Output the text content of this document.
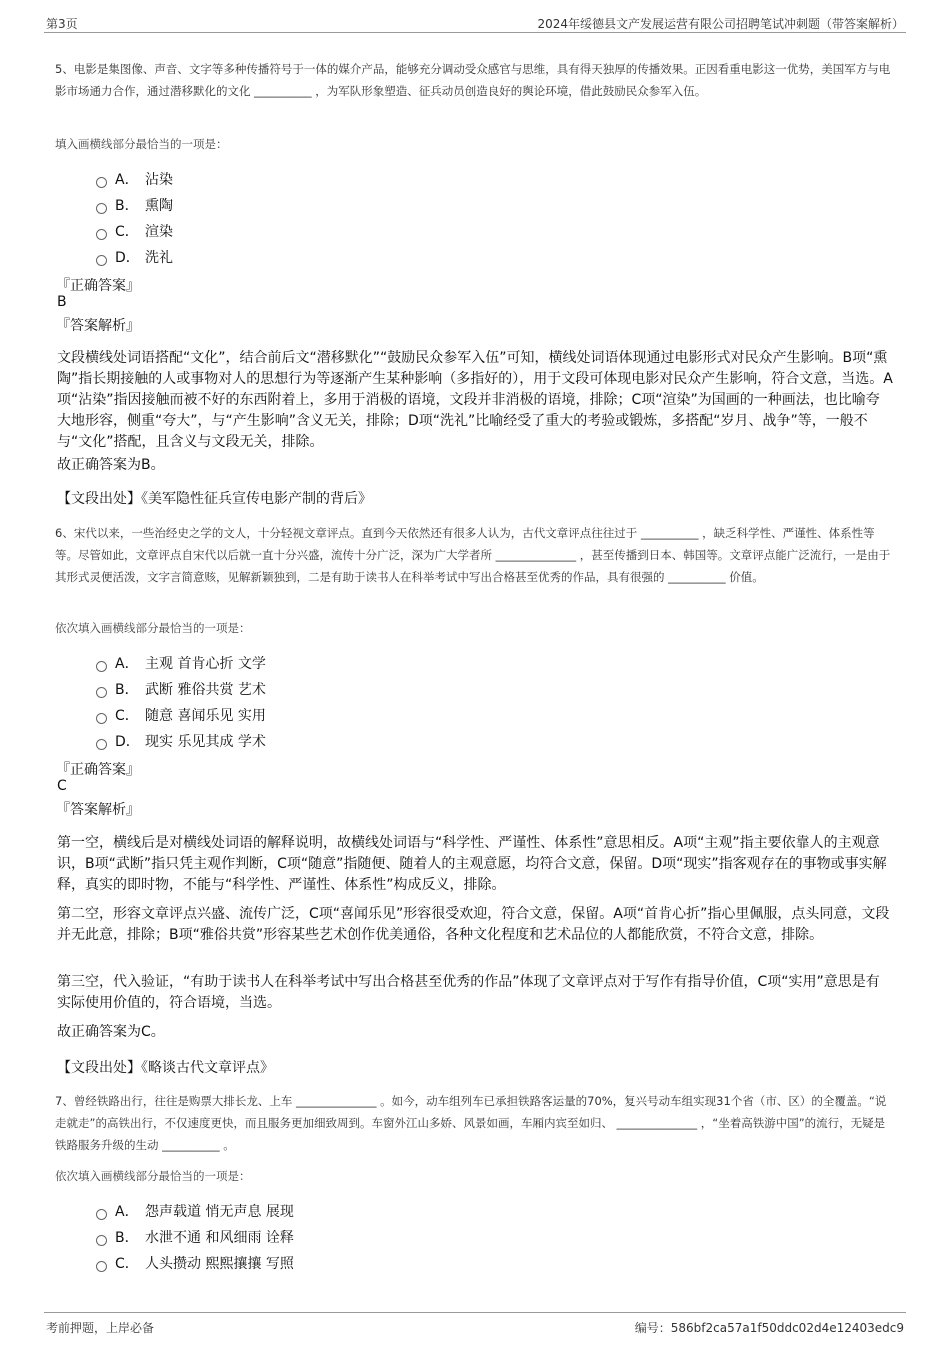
第3页	2024年绥德县文产发展运营有限公司招聘笔试冲刺题（带答案解析）
5、电影是集图像、声音、文字等多种传播符号于一体的媒介产品，能够充分调动受众感官与思维，具有得天独厚的传播效果。正因看重电影这一优势，美国军方与电影市场通力合作，通过潜移默化的文化 __________ ，为军队形象塑造、征兵动员创造良好的舆论环境，借此鼓励民众参军入伍。
填入画横线部分最恰当的一项是：
A． 沾染
B． 熏陶
C． 渲染
D． 洗礼
『正确答案』
B
『答案解析』
文段横线处词语搭配“文化”，结合前后文“潜移默化”“鼓励民众参军入伍”可知，横线处词语体现通过电影形式对民众产生影响。B项“熏陶”指长期接触的人或事物对人的思想行为等逐渐产生某种影响（多指好的），用于文段可体现电影对民众产生影响，符合文意，当选。A项“沾染”指因接触而被不好的东西附着上，多用于消极的语境，文段并非消极的语境，排除；C项“渲染”为国画的一种画法，也比喻夸大地形容，侧重“夸大”，与“产生影响”含义无关，排除；D项“洗礼”比喻经受了重大的考验或锻炼，多搭配“岁月、战争”等，一般不与“文化”搭配，且含义与文段无关，排除。
故正确答案为B。
【文段出处】《美军隐性征兵宣传电影产制的背后》
6、宋代以来，一些治经史之学的文人，十分轻视文章评点。直到今天依然还有很多人认为，古代文章评点往往过于 __________ ，缺乏科学性、严谨性、体系性等等。尽管如此，文章评点自宋代以后就一直十分兴盛，流传十分广泛，深为广大学者所 ______________ ，甚至传播到日本、韩国等。文章评点能广泛流行，一是由于其形式灵便活泼，文字言简意赅，见解新颖独到，二是有助于读书人在科举考试中写出合格甚至优秀的作品，具有很强的 __________ 价值。
依次填入画横线部分最恰当的一项是：
A． 主观 首肯心折 文学
B． 武断 雅俗共赏 艺术
C． 随意 喜闻乐见 实用
D． 现实 乐见其成 学术
『正确答案』
C
『答案解析』
第一空，横线后是对横线处词语的解释说明，故横线处词语与“科学性、严谨性、体系性”意思相反。A项“主观”指主要依靠人的主观意识，B项“武断”指只凭主观作判断，C项“随意”指随便、随着人的主观意愿，均符合文意，保留。D项“现实”指客观存在的事物或事实解释，真实的即时物，不能与“科学性、严谨性、体系性”构成反义，排除。
第二空，形容文章评点兴盛、流传广泛，C项“喜闻乐见”形容很受欢迎，符合文意，保留。A项“首肯心折”指心里佩服，点头同意，文段并无此意，排除；B项“雅俗共赏”形容某些艺术创作优美通俗，各种文化程度和艺术品位的人都能欣赏，不符合文意，排除。
第三空，代入验证，“有助于读书人在科举考试中写出合格甚至优秀的作品”体现了文章评点对于写作有指导价值，C项“实用”意思是有实际使用价值的，符合语境，当选。
故正确答案为C。
【文段出处】《略谈古代文章评点》
7、曾经铁路出行，往往是购票大排长龙、上车 ______________ 。如今，动车组列车已承担铁路客运量的70%，复兴号动车组实现31个省（市、区）的全覆盖。“说走就走”的高铁出行，不仅速度更快，而且服务更加细致周到。车窗外江山多娇、风景如画，车厢内宾至如归、 ______________ ，“坐着高铁游中国”的流行，无疑是铁路服务升级的生动 __________ 。
依次填入画横线部分最恰当的一项是：
A． 怨声载道 悄无声息 展现
B． 水泄不通 和风细雨 诠释
C． 人头攒动 熙熙攘攘 写照
考前押题，上岸必备	编号：586bf2ca57a1f50ddc02d4e12403edc9
